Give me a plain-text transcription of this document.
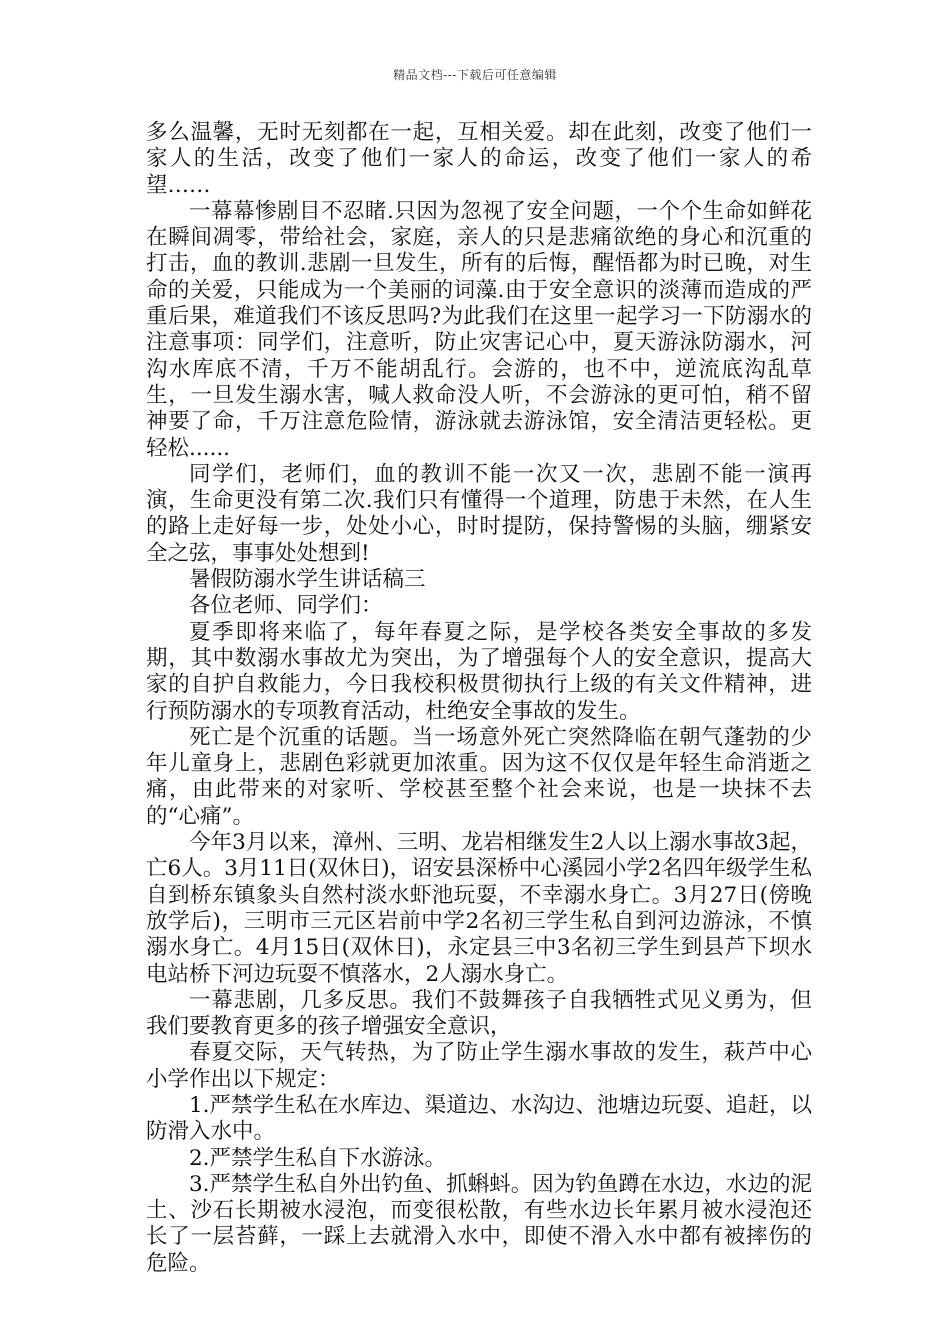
精品文档---下载后可任意编辑

多么温馨，无时无刻都在一起，互相关爱。却在此刻，改变了他们一家人的生活，改变了他们一家人的命运，改变了他们一家人的希望……

一幕幕惨剧目不忍睹.只因为忽视了安全问题，一个个生命如鲜花在瞬间凋零，带给社会，家庭，亲人的只是悲痛欲绝的身心和沉重的打击，血的教训.悲剧一旦发生，所有的后悔，醒悟都为时已晚，对生命的关爱，只能成为一个美丽的词藻.由于安全意识的淡薄而造成的严重后果，难道我们不该反思吗?为此我们在这里一起学习一下防溺水的注意事项：同学们，注意听，防止灾害记心中，夏天游泳防溺水，河沟水库底不清，千万不能胡乱行。会游的，也不中，逆流底沟乱草生，一旦发生溺水害，喊人救命没人听，不会游泳的更可怕，稍不留神要了命，千万注意危险情，游泳就去游泳馆，安全清洁更轻松。更轻松......

同学们，老师们，血的教训不能一次又一次，悲剧不能一演再演，生命更没有第二次.我们只有懂得一个道理，防患于未然，在人生的路上走好每一步，处处小心，时时提防，保持警惕的头脑，绷紧安全之弦，事事处处想到!

暑假防溺水学生讲话稿三

各位老师、同学们：

夏季即将来临了，每年春夏之际，是学校各类安全事故的多发期，其中数溺水事故尤为突出，为了增强每个人的安全意识，提高大家的自护自救能力，今日我校积极贯彻执行上级的有关文件精神，进行预防溺水的专项教育活动，杜绝安全事故的发生。

死亡是个沉重的话题。当一场意外死亡突然降临在朝气蓬勃的少年儿童身上，悲剧色彩就更加浓重。因为这不仅仅是年轻生命消逝之痛，由此带来的对家听、学校甚至整个社会来说，也是一块抹不去的“心痛”。

今年3月以来，漳州、三明、龙岩相继发生2人以上溺水事故3起，亡6人。3月11日(双休日)，诏安县深桥中心溪园小学2名四年级学生私自到桥东镇象头自然村淡水虾池玩耍，不幸溺水身亡。3月27日(傍晚放学后)，三明市三元区岩前中学2名初三学生私自到河边游泳，不慎溺水身亡。4月15日(双休日)，永定县三中3名初三学生到县芦下坝水电站桥下河边玩耍不慎落水，2人溺水身亡。

一幕悲剧，几多反思。我们不鼓舞孩子自我牺牲式见义勇为，但我们要教育更多的孩子增强安全意识，

春夏交际，天气转热，为了防止学生溺水事故的发生，萩芦中心小学作出以下规定：

1.严禁学生私在水库边、渠道边、水沟边、池塘边玩耍、追赶，以防滑入水中。

2.严禁学生私自下水游泳。

3.严禁学生私自外出钓鱼、抓蝌蚪。因为钓鱼蹲在水边，水边的泥土、沙石长期被水浸泡，而变很松散，有些水边长年累月被水浸泡还长了一层苔藓，一踩上去就滑入水中，即使不滑入水中都有被摔伤的危险。
